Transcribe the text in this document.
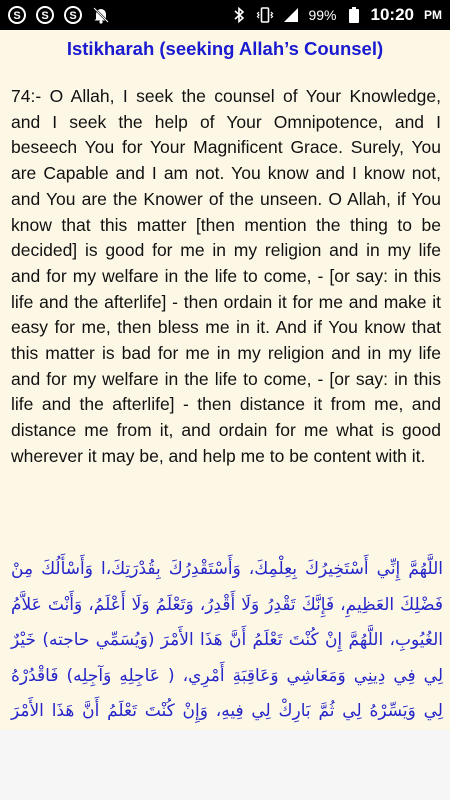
S S S	99% 10:20 PM
Istikharah (seeking Allah’s Counsel)
74:- O Allah, I seek the counsel of Your Knowledge, and I seek the help of Your Omnipotence, and I beseech You for Your Magnificent Grace. Surely, You are Capable and I am not. You know and I know not, and You are the Knower of the unseen. O Allah, if You know that this matter [then mention the thing to be decided] is good for me in my religion and in my life and for my welfare in the life to come, - [or say: in this life and the afterlife] - then ordain it for me and make it easy for me, then bless me in it. And if You know that this matter is bad for me in my religion and in my life and for my welfare in the life to come, - [or say: in this life and the afterlife] - then distance it from me, and distance me from it, and ordain for me what is good wherever it may be, and help me to be content with it.
اللَّهُمَّ إِنِّي أَسْتَخِيرُكَ بِعِلْمِكَ، وَأَسْتَقْدِرُكَ بِقُدْرَتِكَ،ا وَأَسْأَلُكَ مِنْ فَضْلِكَ العَظِيمِ، فَإِنَّكَ تَقْدِرُ وَلَا أَقْدِرُ، وَتَعْلَمُ وَلَا أَعْلَمُ، وَأَنْتَ عَلاَّمُ الغُيُوبِ، اللَّهُمَّ إِنْ كُنْتَ تَعْلَمُ أَنَّ هَذَا الأَمْرَ (وَيُسَمِّي حاجته) خَيْرٌ لِي فِي دِينِي وَمَعَاشِي وَعَاقِبَةِ أَمْرِي، ( عَاجِلِهِ وَآجِلِه) فَاقْدُرْهُ لِي وَيَسِّرْهُ لِي ثُمَّ بَارِكْ لِي فِيهِ، وَإِنْ كُنْتَ تَعْلَمُ أَنَّ هَذَا الأَمْرَ
